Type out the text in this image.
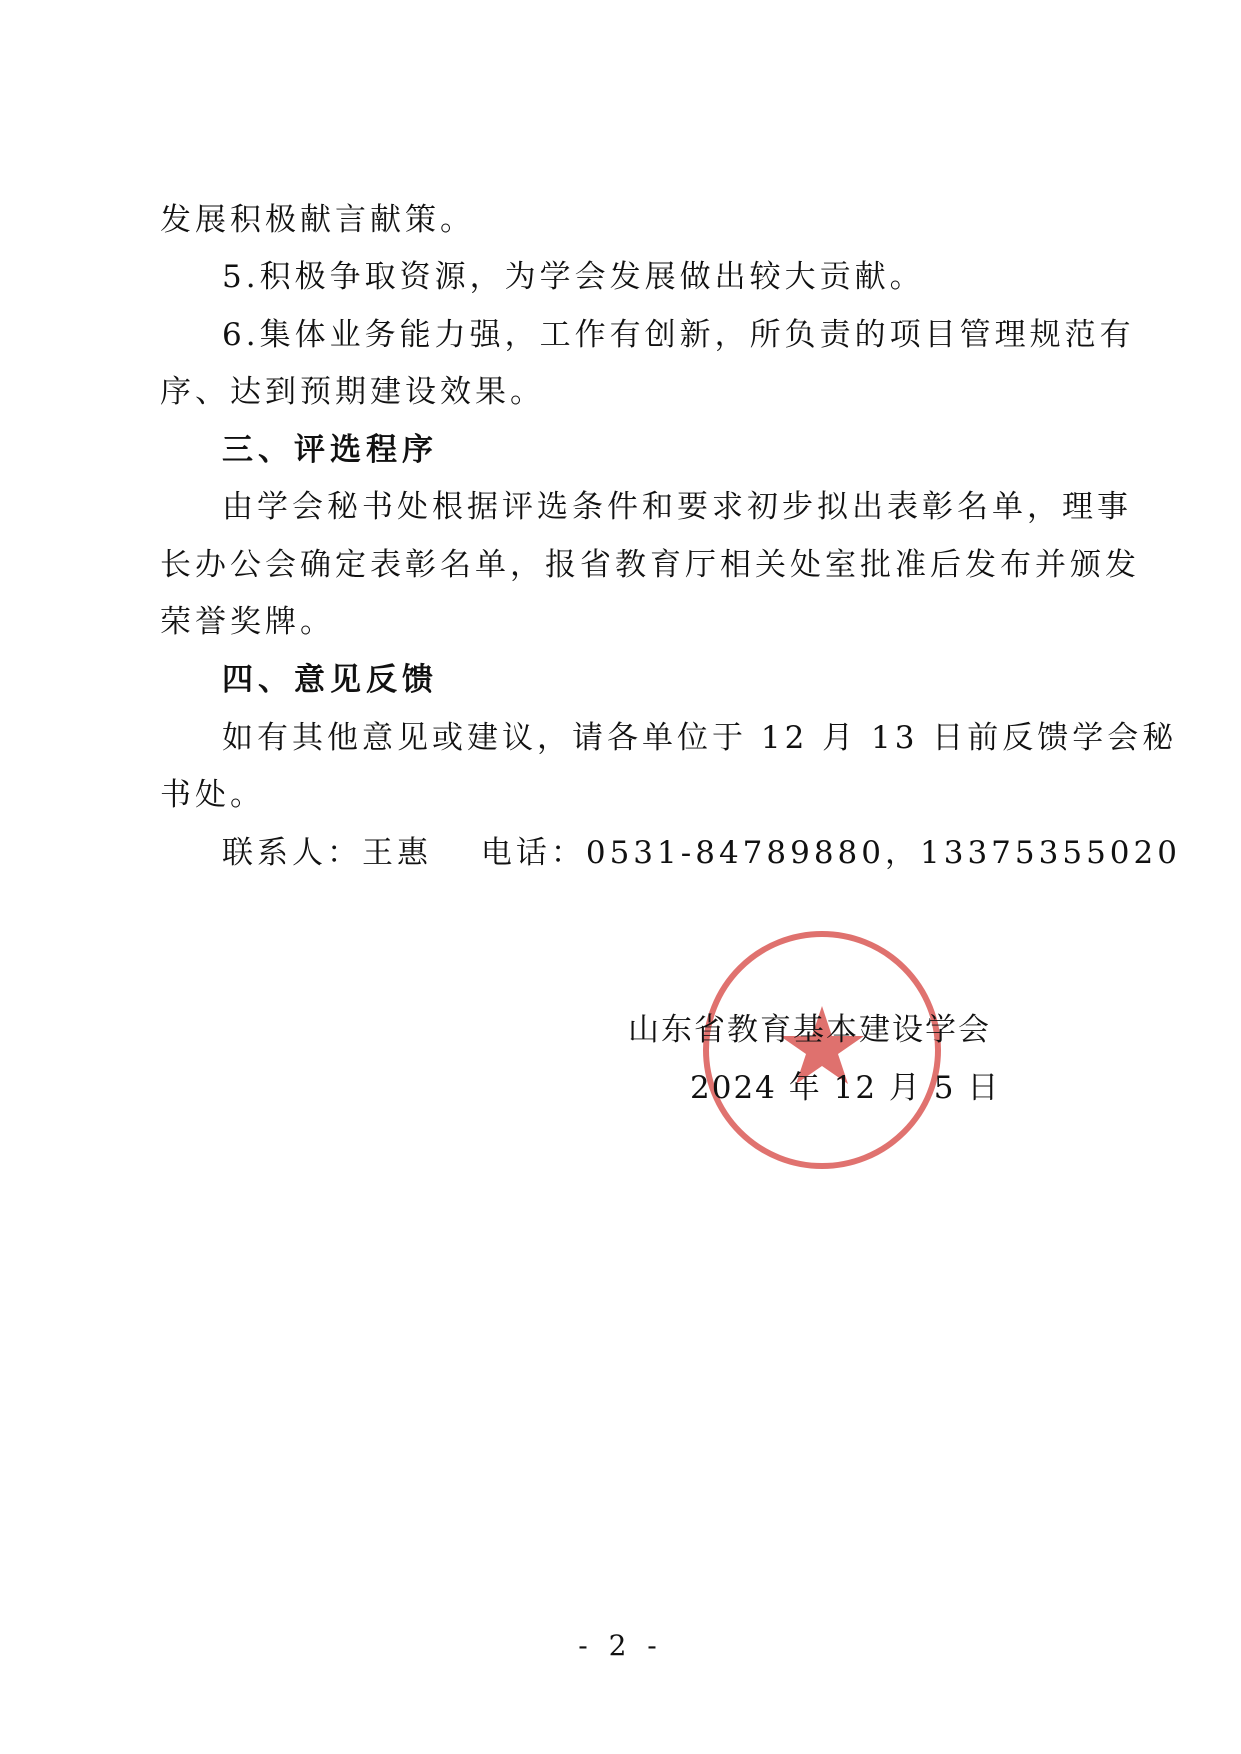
发展积极献言献策。
5.积极争取资源，为学会发展做出较大贡献。
6.集体业务能力强，工作有创新，所负责的项目管理规范有
序、达到预期建设效果。
三、评选程序
由学会秘书处根据评选条件和要求初步拟出表彰名单，理事
长办公会确定表彰名单，报省教育厅相关处室批准后发布并颁发
荣誉奖牌。
四、意见反馈
如有其他意见或建议，请各单位于 12 月 13 日前反馈学会秘
书处。
联系人：王惠　 电话：0531-84789880，13375355020
山东省教育基本建设学会
2024 年 12 月 5 日
- 2 -
